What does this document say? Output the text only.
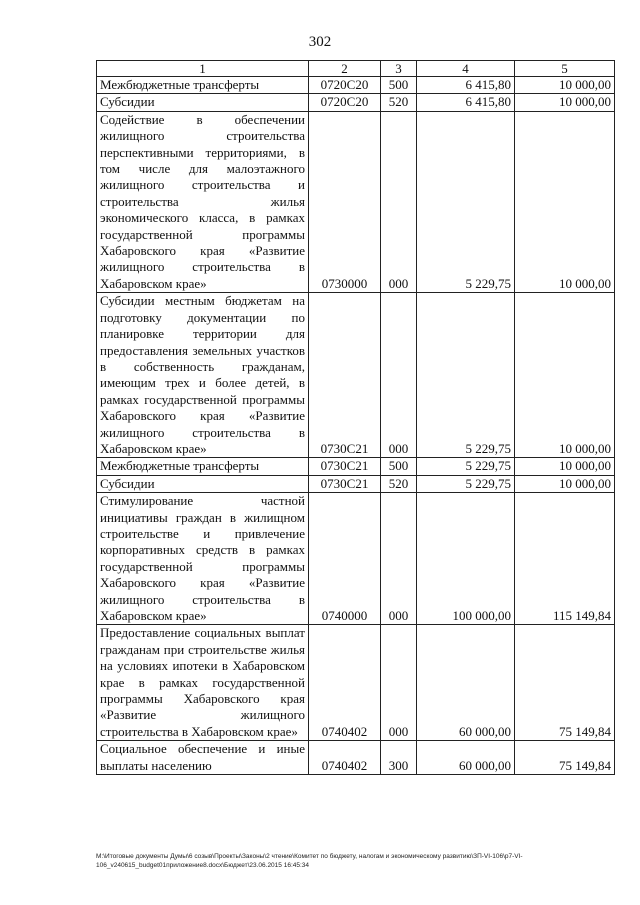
302
1	2	3	4	5
Межбюджетные трансферты	0720С20	500	6 415,80	10 000,00
Субсидии	0720С20	520	6 415,80	10 000,00
Содействие в обеспечении жилищного строительства перспективными территориями, в том числе для малоэтажного жилищного строительства и строительства жилья экономического класса, в рамках государственной программы Хабаровского края «Развитие жилищного строительства в Хабаровском крае»	0730000	000	5 229,75	10 000,00
Субсидии местным бюджетам на подготовку документации по планировке территории для предоставления земельных участков в собственность гражданам, имеющим трех и более детей, в рамках государственной программы Хабаровского края «Развитие жилищного строительства в Хабаровском крае»	0730С21	000	5 229,75	10 000,00
Межбюджетные трансферты	0730С21	500	5 229,75	10 000,00
Субсидии	0730С21	520	5 229,75	10 000,00
Стимулирование частной инициативы граждан в жилищном строительстве и привлечение корпоративных средств в рамках государственной программы Хабаровского края «Развитие жилищного строительства в Хабаровском крае»	0740000	000	100 000,00	115 149,84
Предоставление социальных выплат гражданам при строительстве жилья на условиях ипотеки в Хабаровском крае в рамках государственной программы Хабаровского края «Развитие жилищного строительства в Хабаровском крае»	0740402	000	60 000,00	75 149,84
Социальное обеспечение и иные выплаты населению	0740402	300	60 000,00	75 149,84
M:\Итоговые документы Думы\6 созыв\Проекты\Законы\2 чтение\Комитет по бюджету, налогам и экономическому развитию\ЗП-VI-106\р7-VI-
106_v240615_budget01приложение8.docx\Бюджет\23.06.2015 16:45:34
